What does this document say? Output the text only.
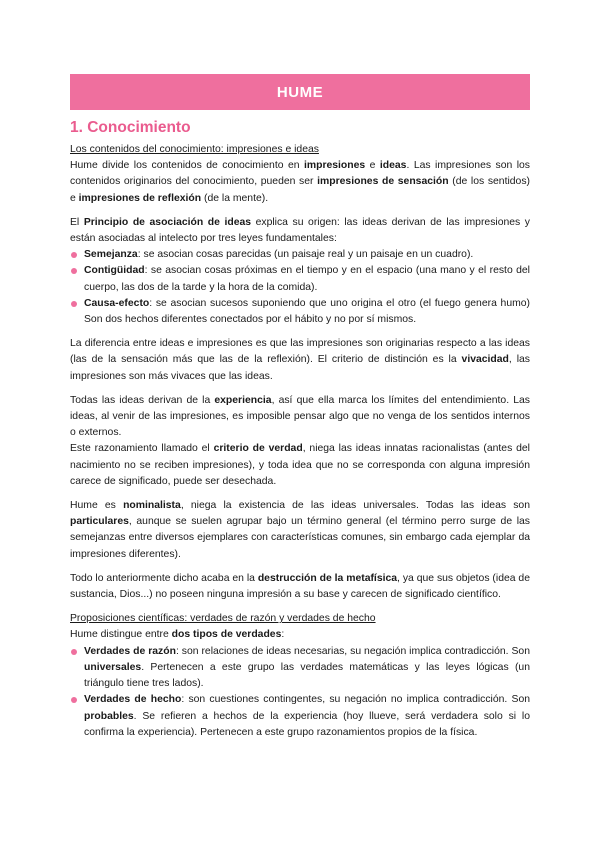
HUME
1. Conocimiento

Los contenidos del conocimiento: impresiones e ideas

Hume divide los contenidos de conocimiento en impresiones e ideas. Las impresiones son los contenidos originarios del conocimiento, pueden ser impresiones de sensación (de los sentidos) e impresiones de reflexión (de la mente).

El Principio de asociación de ideas explica su origen: las ideas derivan de las impresiones y están asociadas al intelecto por tres leyes fundamentales:

Semejanza: se asocian cosas parecidas (un paisaje real y un paisaje en un cuadro).
Contigüidad: se asocian cosas próximas en el tiempo y en el espacio (una mano y el resto del cuerpo, las dos de la tarde y la hora de la comida).
Causa-efecto: se asocian sucesos suponiendo que uno origina el otro (el fuego genera humo) Son dos hechos diferentes conectados por el hábito y no por sí mismos.

La diferencia entre ideas e impresiones es que las impresiones son originarias respecto a las ideas (las de la sensación más que las de la reflexión). El criterio de distinción es la vivacidad, las impresiones son más vivaces que las ideas.

Todas las ideas derivan de la experiencia, así que ella marca los límites del entendimiento. Las ideas, al venir de las impresiones, es imposible pensar algo que no venga de los sentidos internos o externos.

Este razonamiento llamado el criterio de verdad, niega las ideas innatas racionalistas (antes del nacimiento no se reciben impresiones), y toda idea que no se corresponda con alguna impresión carece de significado, puede ser desechada.

Hume es nominalista, niega la existencia de las ideas universales. Todas las ideas son particulares, aunque se suelen agrupar bajo un término general (el término perro surge de las semejanzas entre diversos ejemplares con características comunes, sin embargo cada ejemplar da impresiones diferentes).

Todo lo anteriormente dicho acaba en la destrucción de la metafísica, ya que sus objetos (idea de sustancia, Dios...) no poseen ninguna impresión a su base y carecen de significado científico.

Proposiciones científicas: verdades de razón y verdades de hecho

Hume distingue entre dos tipos de verdades:

Verdades de razón: son relaciones de ideas necesarias, su negación implica contradicción. Son universales. Pertenecen a este grupo las verdades matemáticas y las leyes lógicas (un triángulo tiene tres lados).
Verdades de hecho: son cuestiones contingentes, su negación no implica contradicción. Son probables. Se refieren a hechos de la experiencia (hoy llueve, será verdadera solo si lo confirma la experiencia). Pertenecen a este grupo razonamientos propios de la física.
